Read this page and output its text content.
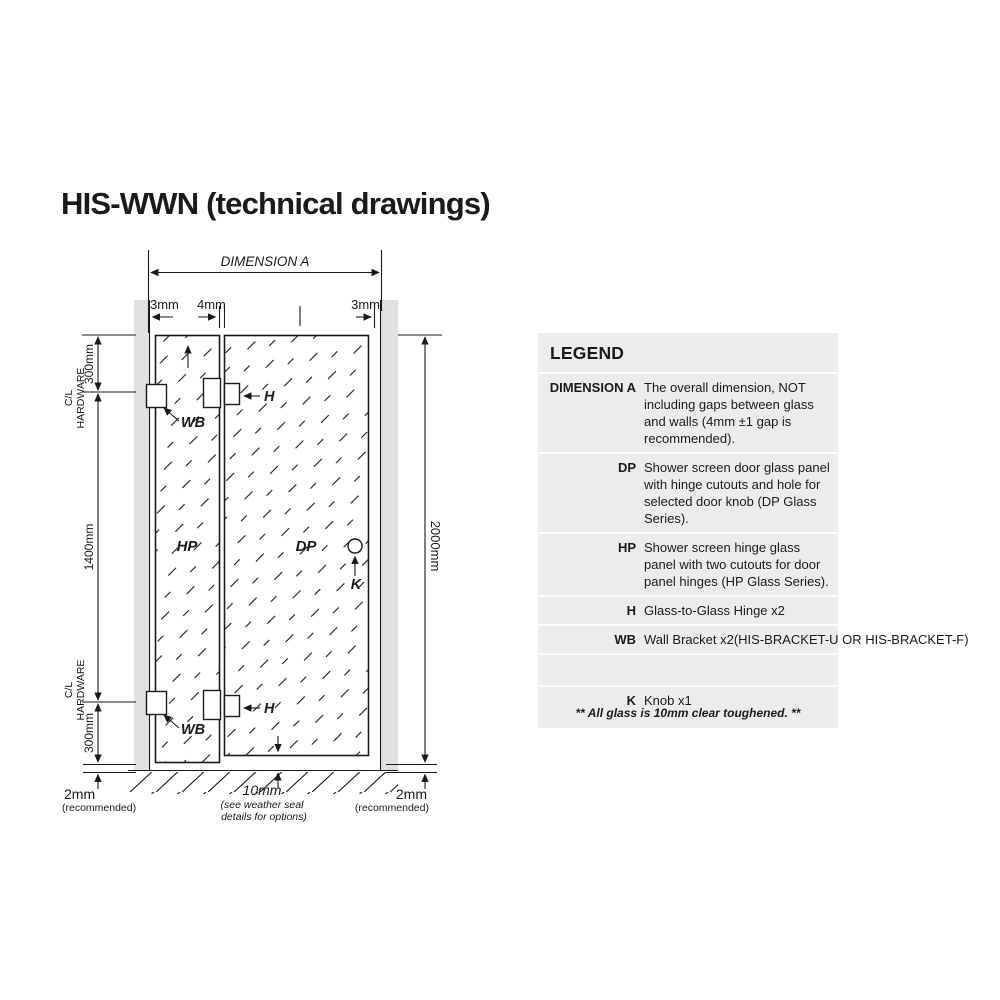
HIS-WWN (technical drawings)
DIMENSION A
3mm 4mm	3mm
300mm
C/L HARDWARE
1400mm
C/L HARDWARE
300mm
2mm
(recommended)
2000mm
2mm
(recommended)
WB
WB
H
H
HP	DP
K
10mm
(see weather seal
details for options)
LEGEND
DIMENSION A The overall dimension, NOT including gaps between glass and walls (4mm ±1 gap is recommended).
DP Shower screen door glass panel with hinge cutouts and hole for selected door knob (DP Glass Series).
HP Shower screen hinge glass panel with two cutouts for door panel hinges (HP Glass Series).
H Glass-to-Glass Hinge x2
WB Wall Bracket x2(HIS-BRACKET-U OR HIS-BRACKET-F)
K Knob x1
** All glass is 10mm clear toughened. **
